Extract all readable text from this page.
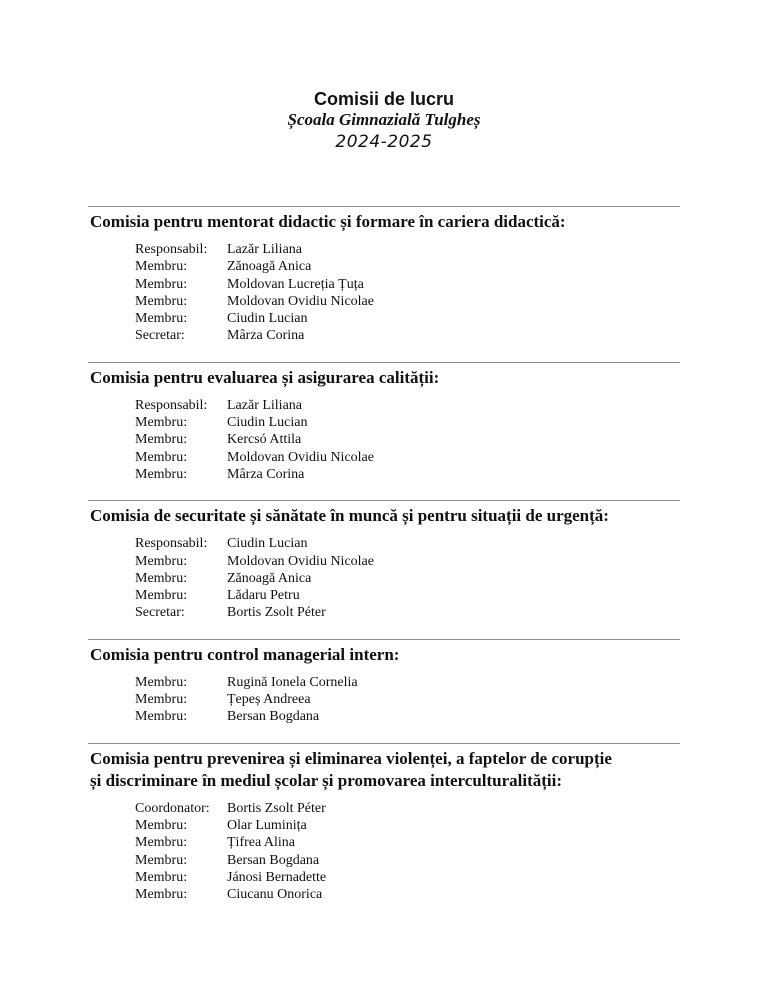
Comisii de lucru
Școala Gimnazială Tulgheș
2024-2025
Comisia pentru mentorat didactic și formare în cariera didactică:
Responsabil:	Lazăr Liliana
Membru:	Zănoagă Anica
Membru:	Moldovan Lucreția Țuța
Membru:	Moldovan Ovidiu Nicolae
Membru:	Ciudin Lucian
Secretar:	Mârza Corina
Comisia pentru evaluarea și asigurarea calității:
Responsabil:	Lazăr Liliana
Membru:	Ciudin Lucian
Membru:	Kercsó Attila
Membru:	Moldovan Ovidiu Nicolae
Membru:	Mârza Corina
Comisia de securitate și sănătate în muncă și pentru situații de urgență:
Responsabil:	Ciudin Lucian
Membru:	Moldovan Ovidiu Nicolae
Membru:	Zănoagă Anica
Membru:	Lădaru Petru
Secretar:	Bortis Zsolt Péter
Comisia pentru control managerial intern:
Membru:	Rugină Ionela Cornelia
Membru:	Țepeș Andreea
Membru:	Bersan Bogdana
Comisia pentru prevenirea și eliminarea violenței, a faptelor de corupție
și discriminare în mediul școlar și promovarea interculturalității:
Coordonator:	Bortis Zsolt Péter
Membru:	Olar Luminița
Membru:	Țifrea Alina
Membru:	Bersan Bogdana
Membru:	Jánosi Bernadette
Membru:	Ciucanu Onorica
